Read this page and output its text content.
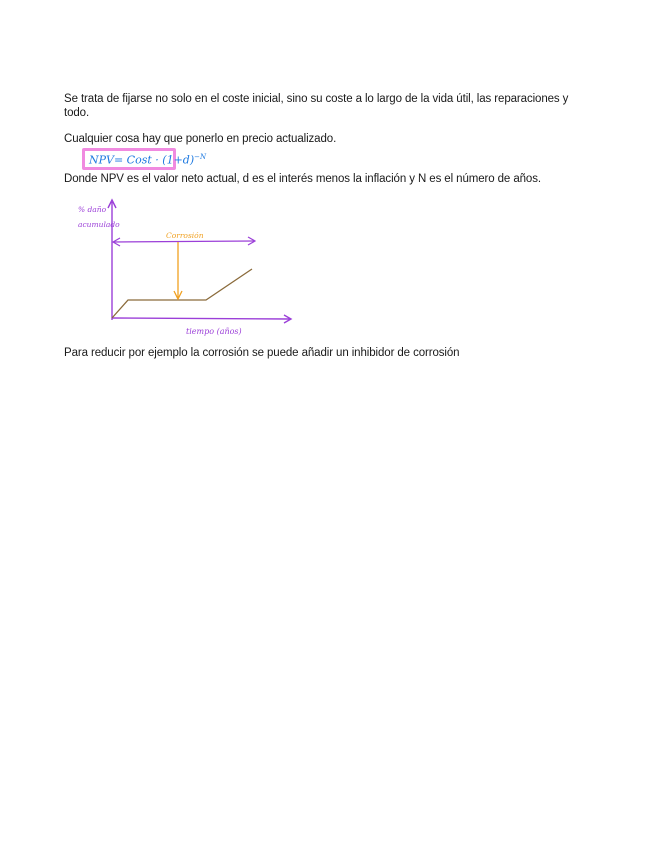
Se trata de fijarse no solo en el coste inicial, sino su coste a lo largo de la vida útil, las reparaciones y todo.
Cualquier cosa hay que ponerlo en precio actualizado.
NPV= Cost · $(1+d)^{-N}$
Donde NPV es el valor neto actual, d es el interés menos la inflación y N es el número de años.
Corrosión
% daño
acumulado
tiempo (años)
Para reducir por ejemplo la corrosión se puede añadir un inhibidor de corrosión
